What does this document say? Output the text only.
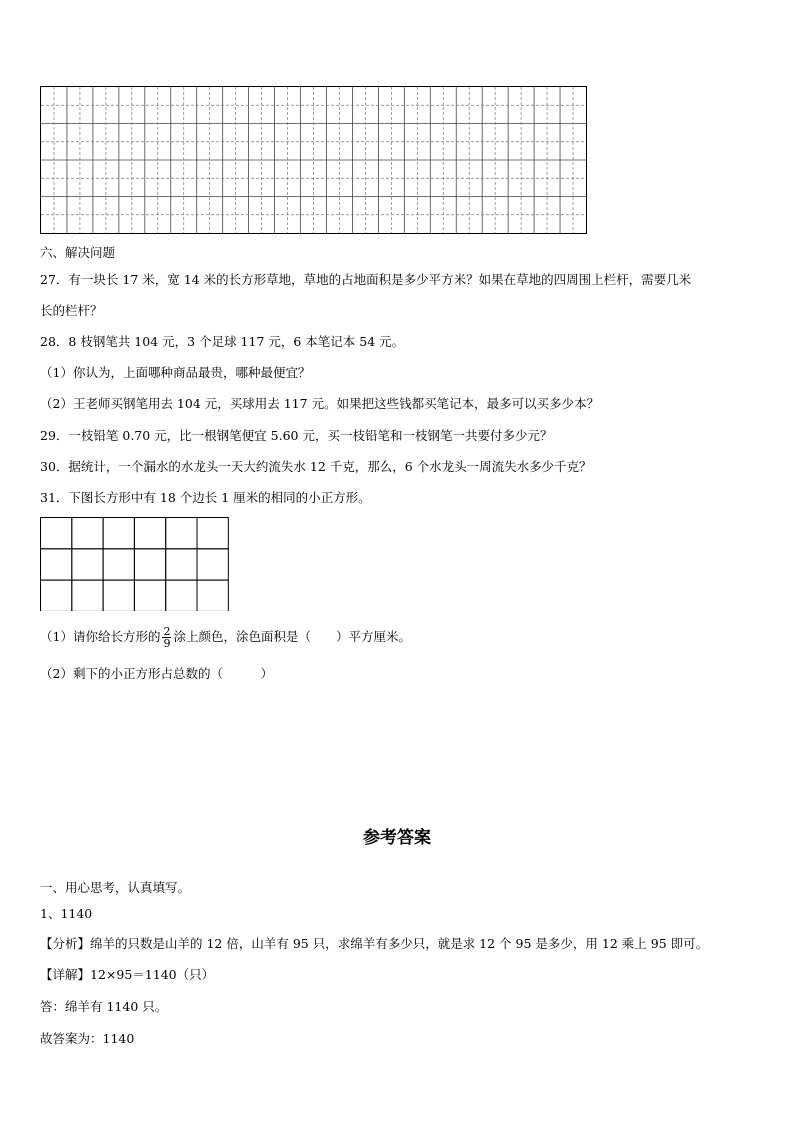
六、解决问题
27．有一块长 17 米，宽 14 米的长方形草地，草地的占地面积是多少平方米？如果在草地的四周围上栏杆，需要几米
长的栏杆？
28．8 枝钢笔共 104 元，3 个足球 117 元，6 本笔记本 54 元。
（1）你认为，上面哪种商品最贵，哪种最便宜？
（2）王老师买钢笔用去 104 元，买球用去 117 元。如果把这些钱都买笔记本，最多可以买多少本？
29．一枝铅笔 0.70 元，比一根钢笔便宜 5.60 元，买一枝铅笔和一枝钢笔一共要付多少元？
30．据统计，一个漏水的水龙头一天大约流失水 12 千克，那么，6 个水龙头一周流失水多少千克？
31．下图长方形中有 18 个边长 1 厘米的相同的小正方形。
（1）请你给长方形的 $\frac{2}{9}$ 涂上颜色，涂色面积是（　　）平方厘米。
（2）剩下的小正方形占总数的（　　　）
参考答案
一、用心思考，认真填写。
1、1140
【分析】绵羊的只数是山羊的 12 倍，山羊有 95 只，求绵羊有多少只，就是求 12 个 95 是多少，用 12 乘上 95 即可。
【详解】12×95＝1140（只）
答：绵羊有 1140 只。
故答案为：1140
